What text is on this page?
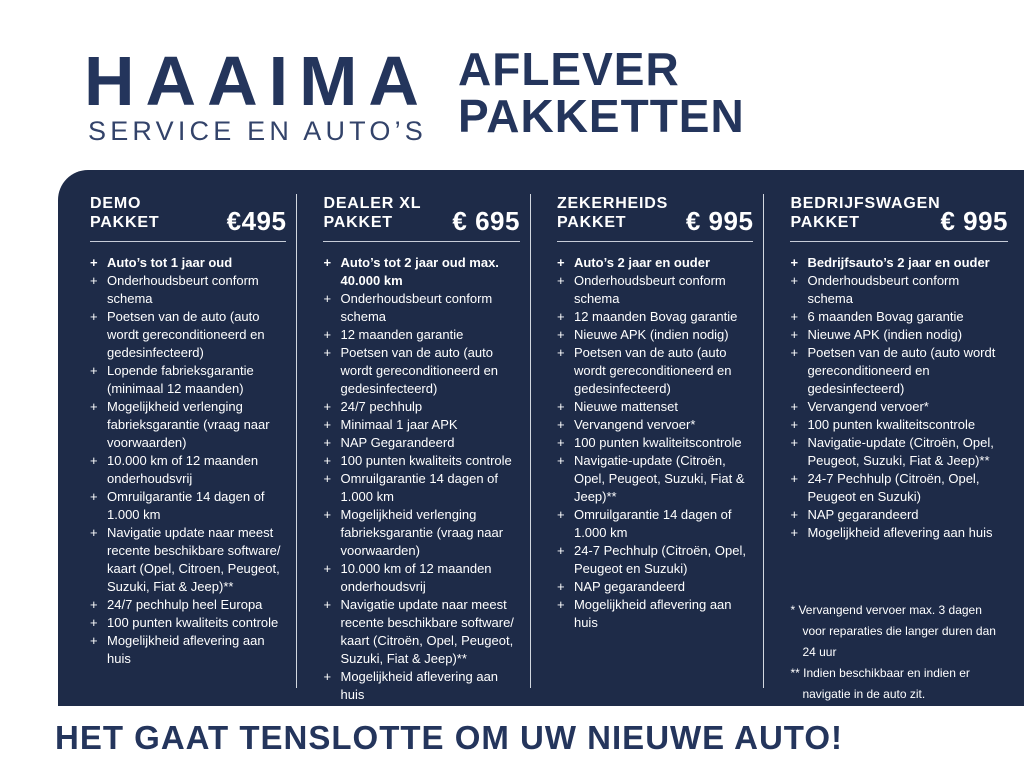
HAAIMA
SERVICE EN AUTO’S
AFLEVER
PAKKETTEN
DEMO
PAKKET	€495
+ Auto’s tot 1 jaar oud
+ Onderhoudsbeurt conform schema
+ Poetsen van de auto (auto wordt gereconditioneerd en gedesinfecteerd)
+ Lopende fabrieksgarantie (minimaal 12 maanden)
+ Mogelijkheid verlenging fabrieksgarantie (vraag naar voorwaarden)
+ 10.000 km of 12 maanden onderhoudsvrij
+ Omruilgarantie 14 dagen of 1.000 km
+ Navigatie update naar meest recente beschikbare software/ kaart (Opel, Citroen, Peugeot, Suzuki, Fiat & Jeep)**
+ 24/7 pechhulp heel Europa
+ 100 punten kwaliteits controle
+ Mogelijkheid aflevering aan huis
DEALER XL
PAKKET	€ 695
+ Auto’s tot 2 jaar oud max. 40.000 km
+ Onderhoudsbeurt conform schema
+ 12 maanden garantie
+ Poetsen van de auto (auto wordt gereconditioneerd en gedesinfecteerd)
+ 24/7 pechhulp
+ Minimaal 1 jaar APK
+ NAP Gegarandeerd
+ 100 punten kwaliteits controle
+ Omruilgarantie 14 dagen of 1.000 km
+ Mogelijkheid verlenging fabrieksgarantie (vraag naar voorwaarden)
+ 10.000 km of 12 maanden onderhoudsvrij
+ Navigatie update naar meest recente beschikbare software/ kaart (Citroën, Opel, Peugeot, Suzuki, Fiat & Jeep)**
+ Mogelijkheid aflevering aan huis
ZEKERHEIDS
PAKKET	€ 995
+ Auto’s 2 jaar en ouder
+ Onderhoudsbeurt conform schema
+ 12 maanden Bovag garantie
+ Nieuwe APK (indien nodig)
+ Poetsen van de auto (auto wordt gereconditioneerd en gedesinfecteerd)
+ Nieuwe mattenset
+ Vervangend vervoer*
+ 100 punten kwaliteitscontrole
+ Navigatie-update (Citroën, Opel, Peugeot, Suzuki, Fiat & Jeep)**
+ Omruilgarantie 14 dagen of 1.000 km
+ 24-7 Pechhulp (Citroën, Opel, Peugeot en Suzuki)
+ NAP gegarandeerd
+ Mogelijkheid aflevering aan huis
BEDRIJFSWAGEN
PAKKET	€ 995
+ Bedrijfsauto’s 2 jaar en ouder
+ Onderhoudsbeurt conform schema
+ 6 maanden Bovag garantie
+ Nieuwe APK (indien nodig)
+ Poetsen van de auto (auto wordt gereconditioneerd en gedesinfecteerd)
+ Vervangend vervoer*
+ 100 punten kwaliteitscontrole
+ Navigatie-update (Citroën, Opel, Peugeot, Suzuki, Fiat & Jeep)**
+ 24-7 Pechhulp (Citroën, Opel, Peugeot en Suzuki)
+ NAP gegarandeerd
+ Mogelijkheid aflevering aan huis

* Vervangend vervoer max. 3 dagen voor reparaties die langer duren dan 24 uur

** Indien beschikbaar en indien er navigatie in de auto zit.

HET GAAT TENSLOTTE OM UW NIEUWE AUTO!
